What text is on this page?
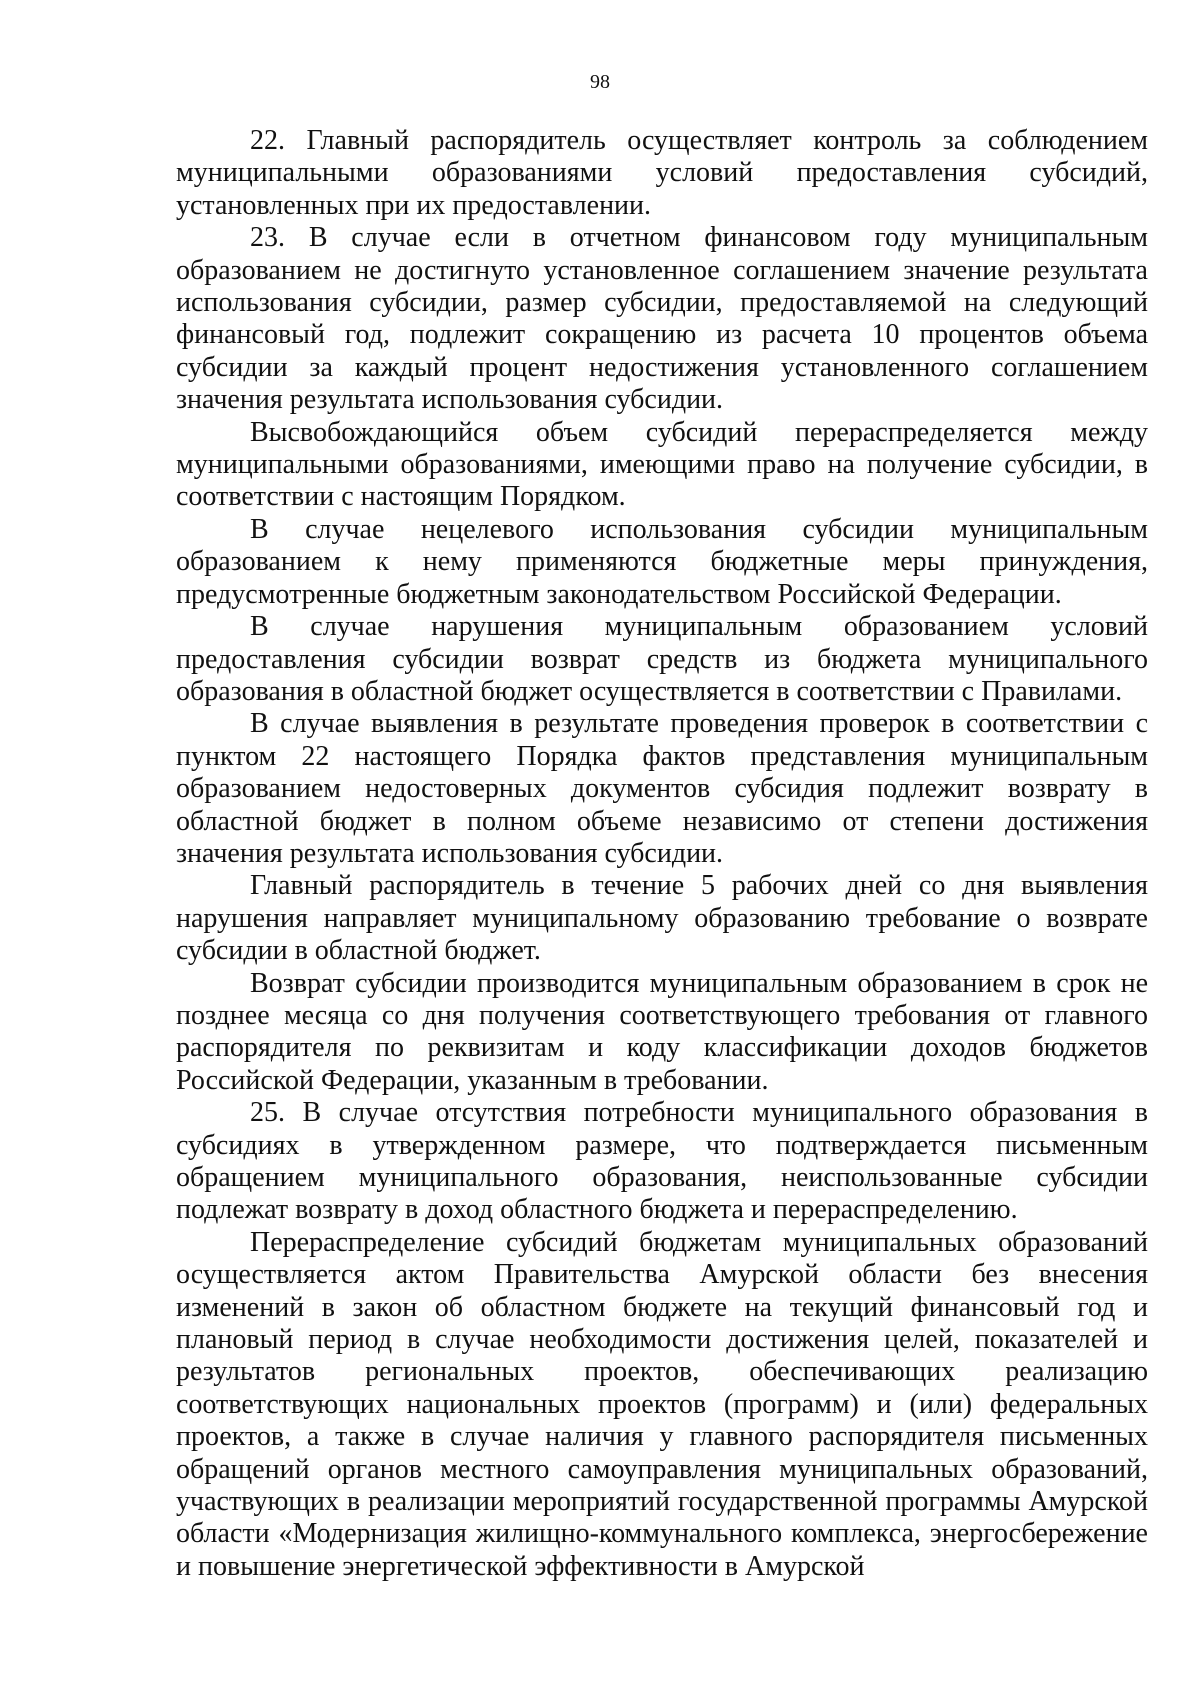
98

22. Главный распорядитель осуществляет контроль за соблюдением муниципальными образованиями условий предоставления субсидий, установленных при их предоставлении.

23. В случае если в отчетном финансовом году муниципальным образованием не достигнуто установленное соглашением значение результата использования субсидии, размер субсидии, предоставляемой на следующий финансовый год, подлежит сокращению из расчета 10 процентов объема субсидии за каждый процент недостижения установленного соглашением значения результата использования субсидии.

Высвобождающийся объем субсидий перераспределяется между муниципальными образованиями, имеющими право на получение субсидии, в соответствии с настоящим Порядком.

В случае нецелевого использования субсидии муниципальным образованием к нему применяются бюджетные меры принуждения, предусмотренные бюджетным законодательством Российской Федерации.

В случае нарушения муниципальным образованием условий предоставления субсидии возврат средств из бюджета муниципального образования в областной бюджет осуществляется в соответствии с Правилами.

В случае выявления в результате проведения проверок в соответствии с пунктом 22 настоящего Порядка фактов представления муниципальным образованием недостоверных документов субсидия подлежит возврату в областной бюджет в полном объеме независимо от степени достижения значения результата использования субсидии.

Главный распорядитель в течение 5 рабочих дней со дня выявления нарушения направляет муниципальному образованию требование о возврате субсидии в областной бюджет.

Возврат субсидии производится муниципальным образованием в срок не позднее месяца со дня получения соответствующего требования от главного распорядителя по реквизитам и коду классификации доходов бюджетов Российской Федерации, указанным в требовании.

25. В случае отсутствия потребности муниципального образования в субсидиях в утвержденном размере, что подтверждается письменным обращением муниципального образования, неиспользованные субсидии подлежат возврату в доход областного бюджета и перераспределению.

Перераспределение субсидий бюджетам муниципальных образований осуществляется актом Правительства Амурской области без внесения изменений в закон об областном бюджете на текущий финансовый год и плановый период в случае необходимости достижения целей, показателей и результатов региональных проектов, обеспечивающих реализацию соответствующих национальных проектов (программ) и (или) федеральных проектов, а также в случае наличия у главного распорядителя письменных обращений органов местного самоуправления муниципальных образований, участвующих в реализации мероприятий государственной программы Амурской области «Модернизация жилищно-коммунального комплекса, энергосбережение и повышение энергетической эффективности в Амурской
